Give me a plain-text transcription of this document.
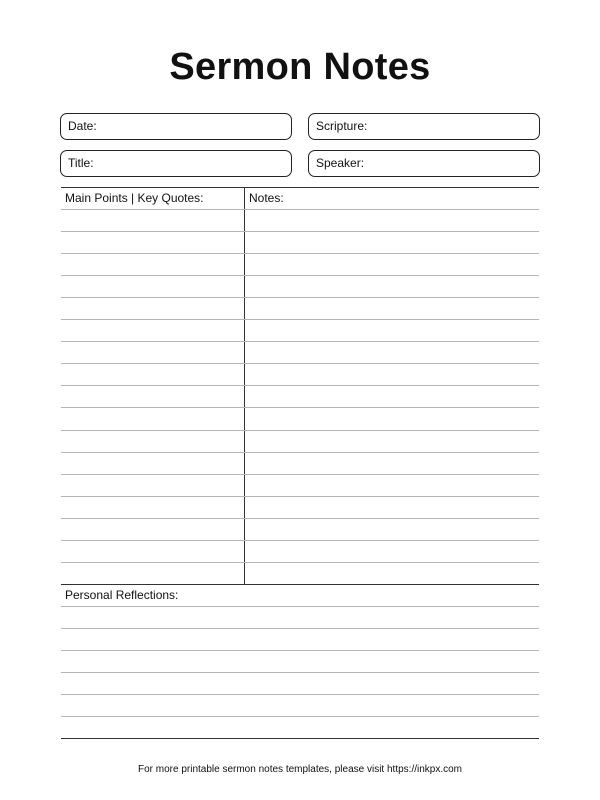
Sermon Notes
Date:
Title:
Scripture:
Speaker:
Main Points | Key Quotes:	Notes:
Personal Reflections:
For more printable sermon notes templates, please visit https://inkpx.com
